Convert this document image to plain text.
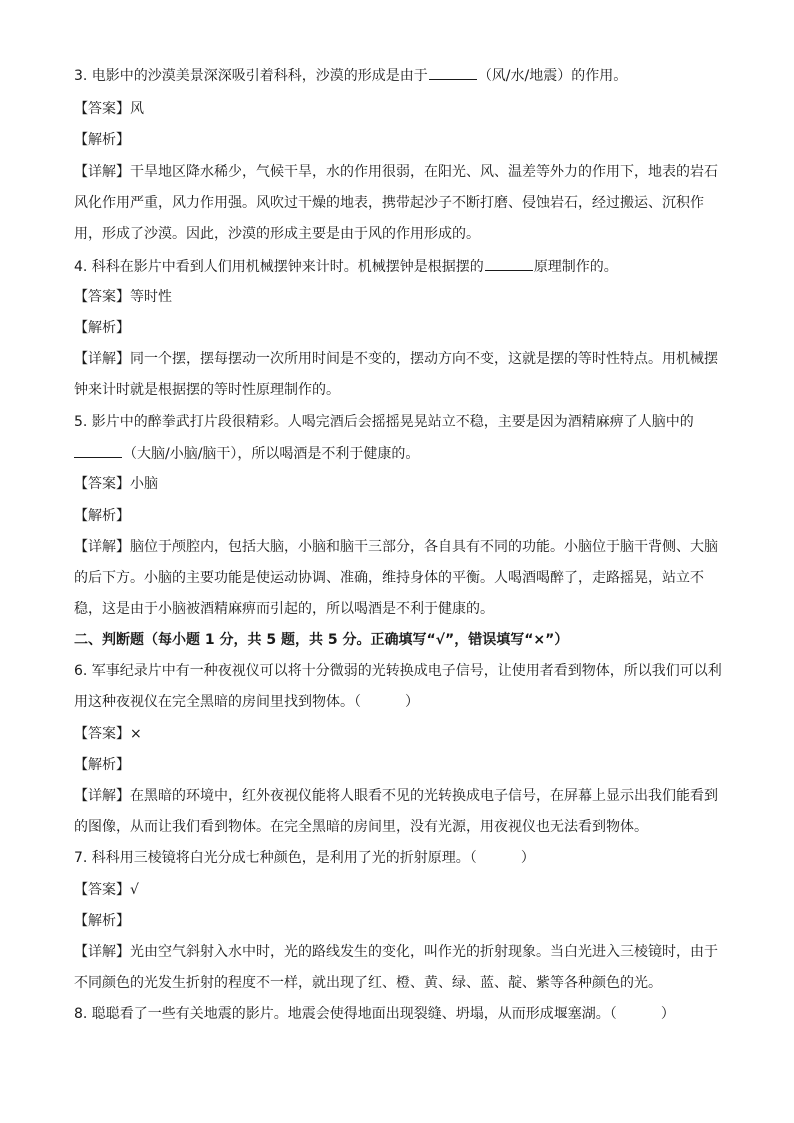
3. 电影中的沙漠美景深深吸引着科科，沙漠的形成是由于	（风/水/地震）的作用。
【答案】风
【解析】
【详解】干旱地区降水稀少，气候干旱，水的作用很弱，在阳光、风、温差等外力的作用下，地表的岩石
风化作用严重，风力作用强。风吹过干燥的地表，携带起沙子不断打磨、侵蚀岩石，经过搬运、沉积作
用，形成了沙漠。因此，沙漠的形成主要是由于风的作用形成的。
4. 科科在影片中看到人们用机械摆钟来计时。机械摆钟是根据摆的	原理制作的。
【答案】等时性
【解析】
【详解】同一个摆，摆每摆动一次所用时间是不变的，摆动方向不变，这就是摆的等时性特点。用机械摆
钟来计时就是根据摆的等时性原理制作的。
5. 影片中的醉拳武打片段很精彩。人喝完酒后会摇摇晃晃站立不稳，主要是因为酒精麻痹了人脑中的
（大脑/小脑/脑干），所以喝酒是不利于健康的。
【答案】小脑
【解析】
【详解】脑位于颅腔内，包括大脑，小脑和脑干三部分，各自具有不同的功能。小脑位于脑干背侧、大脑
的后下方。小脑的主要功能是使运动协调、准确，维持身体的平衡。人喝酒喝醉了，走路摇晃，站立不
稳，这是由于小脑被酒精麻痹而引起的，所以喝酒是不利于健康的。
二、判断题（每小题 1 分，共 5 题，共 5 分。正确填写“√”，错误填写“×”）
6. 军事纪录片中有一种夜视仪可以将十分微弱的光转换成电子信号，让使用者看到物体，所以我们可以利
用这种夜视仪在完全黑暗的房间里找到物体。（	）
【答案】×
【解析】
【详解】在黑暗的环境中，红外夜视仪能将人眼看不见的光转换成电子信号，在屏幕上显示出我们能看到
的图像，从而让我们看到物体。在完全黑暗的房间里，没有光源，用夜视仪也无法看到物体。
7. 科科用三棱镜将白光分成七种颜色，是利用了光的折射原理。（	）
【答案】√
【解析】
【详解】光由空气斜射入水中时，光的路线发生的变化，叫作光的折射现象。当白光进入三棱镜时，由于
不同颜色的光发生折射的程度不一样，就出现了红、橙、黄、绿、蓝、靛、紫等各种颜色的光。
8. 聪聪看了一些有关地震的影片。地震会使得地面出现裂缝、坍塌，从而形成堰塞湖。（	）
